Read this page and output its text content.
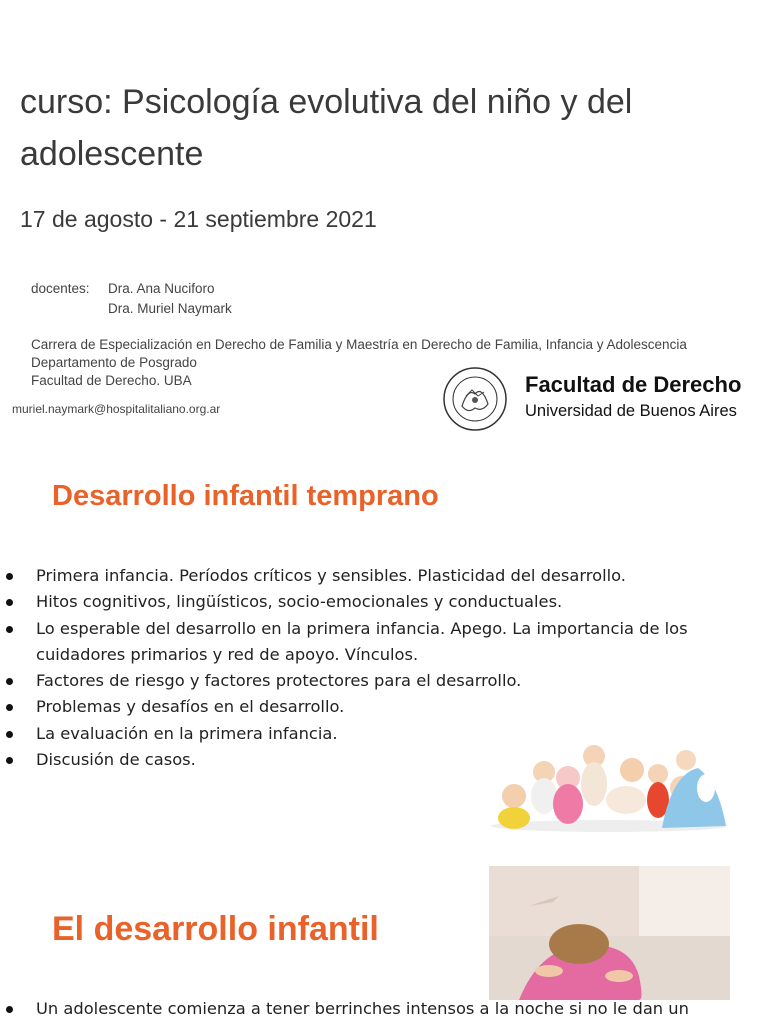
curso: Psicología evolutiva del niño y del adolescente
17 de agosto - 21 septiembre 2021
docentes: Dra. Ana Nuciforo
Dra. Muriel Naymark
Carrera de Especialización en Derecho de Familia y Maestría en Derecho de Familia, Infancia y Adolescencia
Departamento de Posgrado
Facultad de Derecho. UBA
muriel.naymark@hospitalitaliano.org.ar
Facultad de Derecho
Universidad de Buenos Aires
Desarrollo infantil temprano
Primera infancia. Períodos críticos y sensibles. Plasticidad del desarrollo.
Hitos cognitivos, lingüísticos, socio-emocionales y conductuales.
Lo esperable del desarrollo en la primera infancia. Apego. La importancia de los cuidadores primarios y red de apoyo. Vínculos.
Factores de riesgo y factores protectores para el desarrollo.
Problemas y desafíos en el desarrollo.
La evaluación en la primera infancia.
Discusión de casos.
El desarrollo infantil
Un adolescente comienza a tener berrinches intensos a la noche si no le dan un
